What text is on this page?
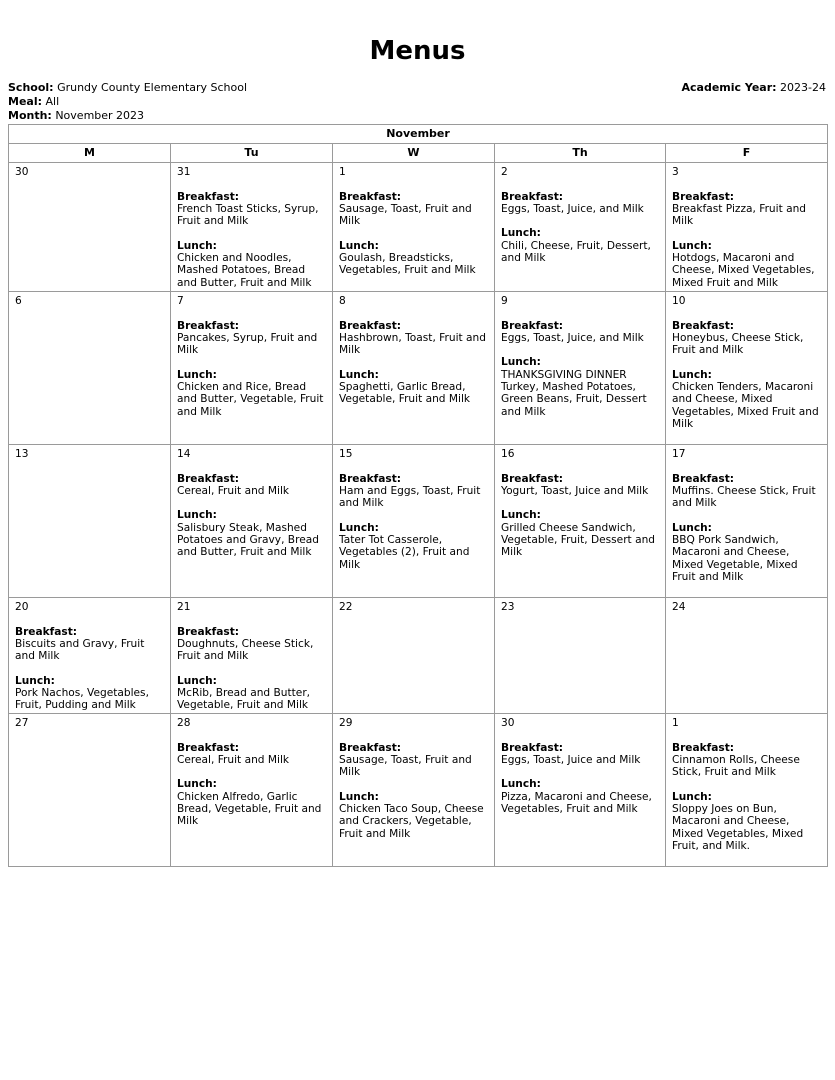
Menus
School: Grundy County Elementary School
Meal: All
Month: November 2023
Academic Year: 2023-24
November				
M	Tu	W	Th	F

30	31
Breakfast:
French Toast Sticks, Syrup, Fruit and Milk
Lunch:
Chicken and Noodles, Mashed Potatoes, Bread and Butter, Fruit and Milk	1
Breakfast:
Sausage, Toast, Fruit and Milk
Lunch:
Goulash, Breadsticks, Vegetables, Fruit and Milk	2
Breakfast:
Eggs, Toast, Juice, and Milk
Lunch:
Chili, Cheese, Fruit, Dessert, and Milk	3
Breakfast:
Breakfast Pizza, Fruit and Milk
Lunch:
Hotdogs, Macaroni and Cheese, Mixed Vegetables, Mixed Fruit and Milk

6	7
Breakfast:
Pancakes, Syrup, Fruit and Milk
Lunch:
Chicken and Rice, Bread and Butter, Vegetable, Fruit and Milk	8
Breakfast:
Hashbrown, Toast, Fruit and Milk
Lunch:
Spaghetti, Garlic Bread, Vegetable, Fruit and Milk	9
Breakfast:
Eggs, Toast, Juice, and Milk
Lunch:
THANKSGIVING DINNER Turkey, Mashed Potatoes, Green Beans, Fruit, Dessert and Milk	10
Breakfast:
Honeybus, Cheese Stick, Fruit and Milk
Lunch:
Chicken Tenders, Macaroni and Cheese, Mixed Vegetables, Mixed Fruit and Milk

13	14
Breakfast:
Cereal, Fruit and Milk
Lunch:
Salisbury Steak, Mashed Potatoes and Gravy, Bread and Butter, Fruit and Milk	15
Breakfast:
Ham and Eggs, Toast, Fruit and Milk
Lunch:
Tater Tot Casserole, Vegetables (2), Fruit and Milk	16
Breakfast:
Yogurt, Toast, Juice and Milk
Lunch:
Grilled Cheese Sandwich, Vegetable, Fruit, Dessert and Milk	17
Breakfast:
Muffins. Cheese Stick, Fruit and Milk
Lunch:
BBQ Pork Sandwich, Macaroni and Cheese, Mixed Vegetable, Mixed Fruit and Milk

20
Breakfast:
Biscuits and Gravy, Fruit and Milk
Lunch:
Pork Nachos, Vegetables, Fruit, Pudding and Milk	21
Breakfast:
Doughnuts, Cheese Stick, Fruit and Milk
Lunch:
McRib, Bread and Butter, Vegetable, Fruit and Milk	22	23	24

27	28
Breakfast:
Cereal, Fruit and Milk
Lunch:
Chicken Alfredo, Garlic Bread, Vegetable, Fruit and Milk	29
Breakfast:
Sausage, Toast, Fruit and Milk
Lunch:
Chicken Taco Soup, Cheese and Crackers, Vegetable, Fruit and Milk	30
Breakfast:
Eggs, Toast, Juice and Milk
Lunch:
Pizza, Macaroni and Cheese, Vegetables, Fruit and Milk	1
Breakfast:
Cinnamon Rolls, Cheese Stick, Fruit and Milk
Lunch:
Sloppy Joes on Bun, Macaroni and Cheese, Mixed Vegetables, Mixed Fruit, and Milk.
